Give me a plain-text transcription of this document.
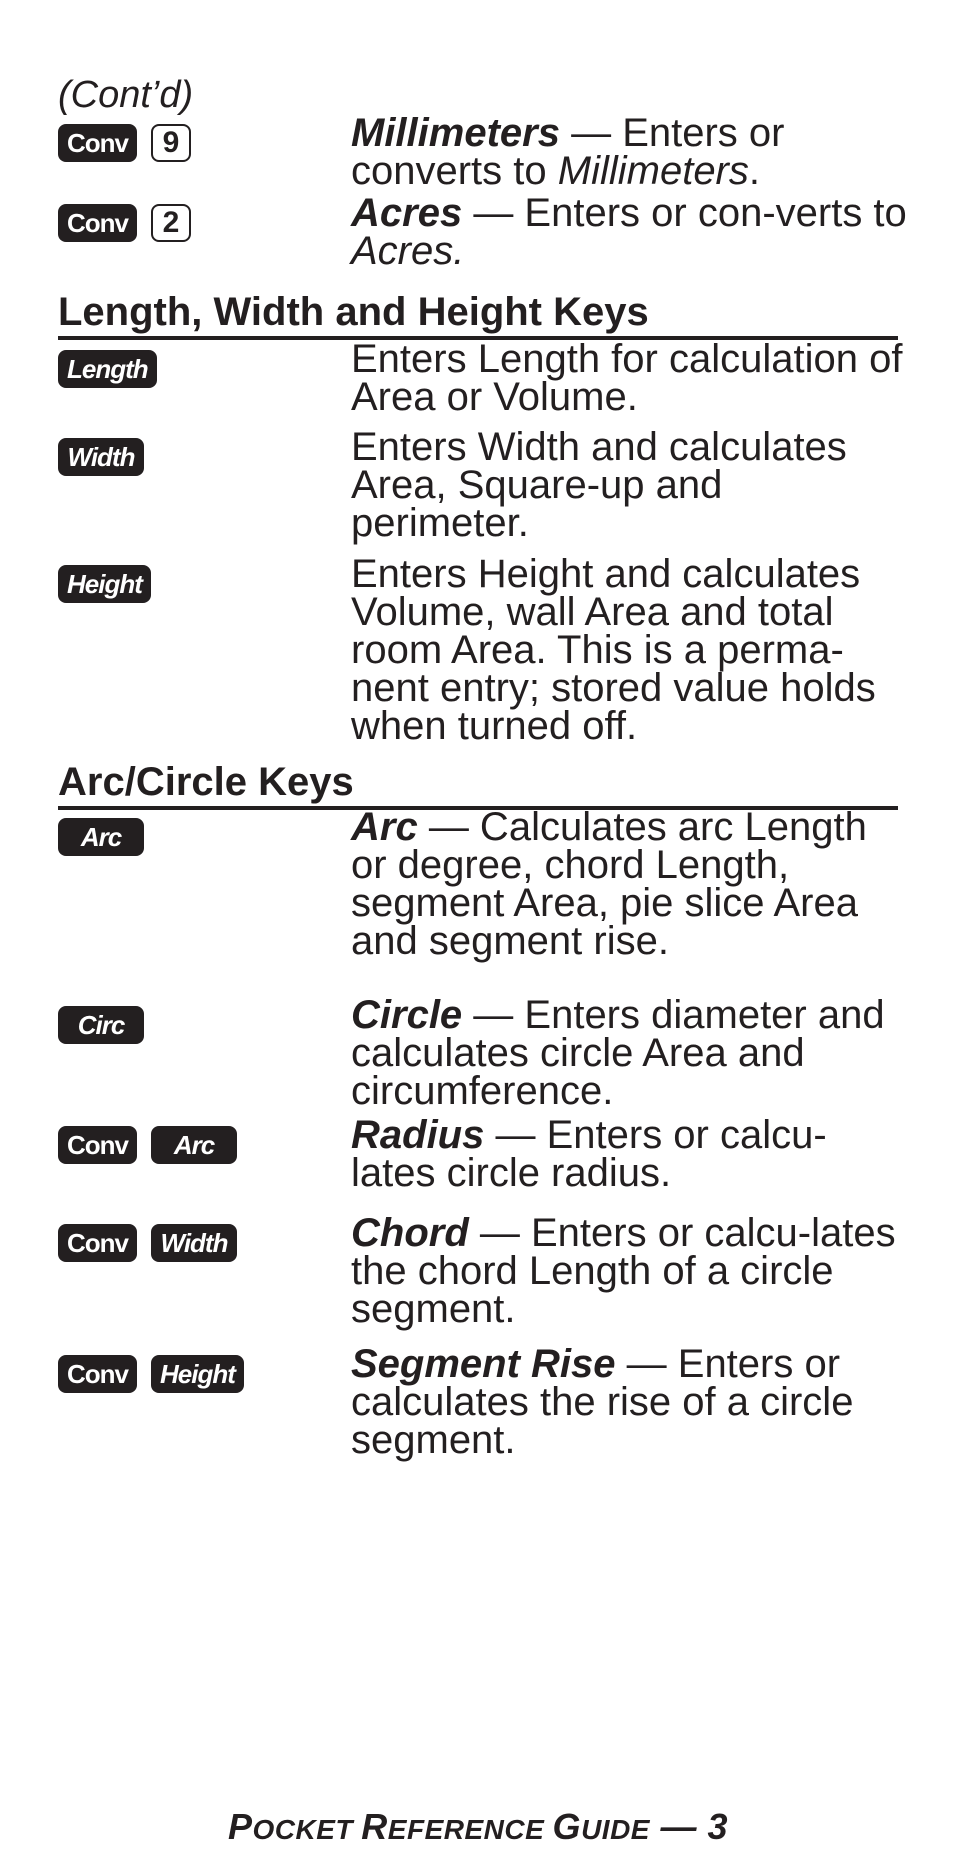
(Cont’d)
Conv	9	Millimeters — Enters or converts to Millimeters.
Conv	2	Acres — Enters or con-verts to Acres.
Length, Width and Height Keys
Length	Enters Length for calculation of Area or Volume.
Width	Enters Width and calculates Area, Square-up and perimeter.
Height	Enters Height and calculates Volume, wall Area and total room Area. This is a perma-nent entry; stored value holds when turned off.
Arc/Circle Keys
Arc	Arc — Calculates arc Length or degree, chord Length, segment Area, pie slice Area and segment rise.
Circ	Circle — Enters diameter and calculates circle Area and circumference.
Conv	Arc	Radius — Enters or calcu-lates circle radius.
Conv	Width	Chord — Enters or calcu-lates the chord Length of a circle segment.
Conv	Height	Segment Rise — Enters or calculates the rise of a circle segment.
POCKET REFERENCE GUIDE — 3
